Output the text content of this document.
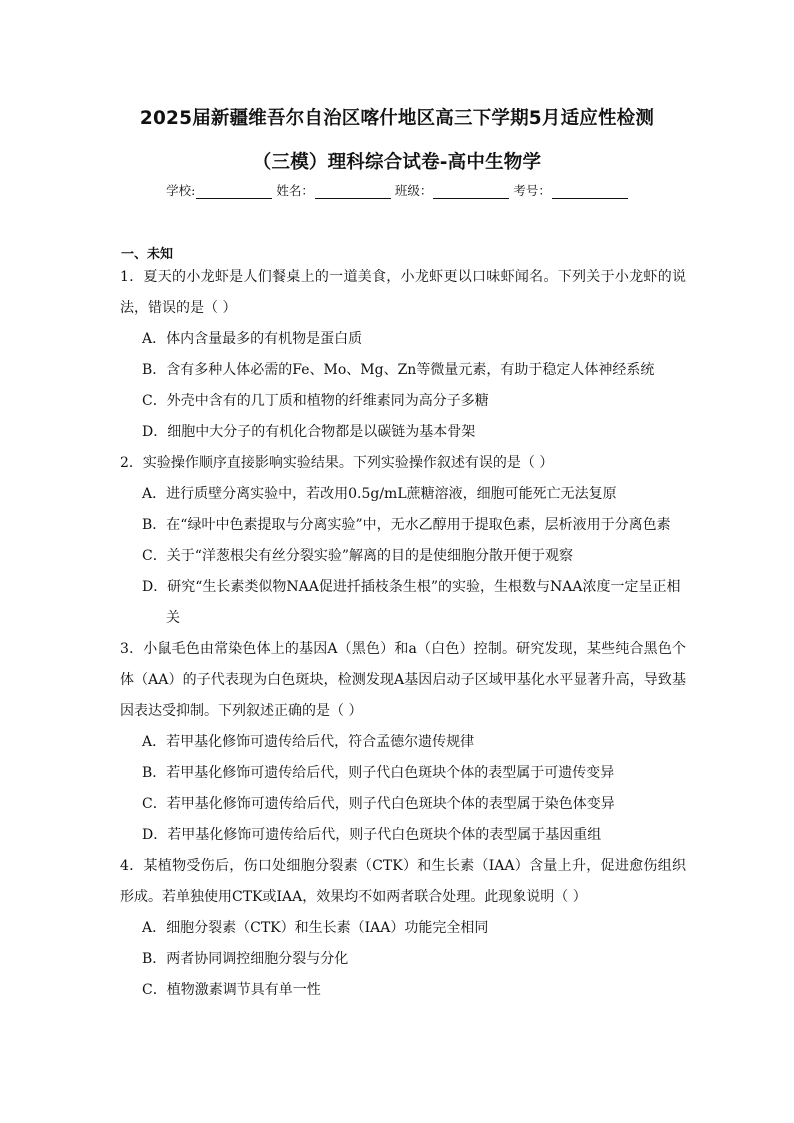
2025届新疆维吾尔自治区喀什地区高三下学期5月适应性检测
（三模）理科综合试卷-高中生物学
学校:	姓名：	班级：	考号：
一、未知

1．夏天的小龙虾是人们餐桌上的一道美食，小龙虾更以口味虾闻名。下列关于小龙虾的说法，错误的是（ ）

A．体内含量最多的有机物是蛋白质

B．含有多种人体必需的Fe、Mo、Mg、Zn等微量元素，有助于稳定人体神经系统

C．外壳中含有的几丁质和植物的纤维素同为高分子多糖

D．细胞中大分子的有机化合物都是以碳链为基本骨架

2．实验操作顺序直接影响实验结果。下列实验操作叙述有误的是（ ）

A．进行质壁分离实验中，若改用0.5g/mL蔗糖溶液，细胞可能死亡无法复原

B．在“绿叶中色素提取与分离实验”中，无水乙醇用于提取色素，层析液用于分离色素

C．关于“洋葱根尖有丝分裂实验”解离的目的是使细胞分散开便于观察

D．研究“生长素类似物NAA促进扦插枝条生根”的实验，生根数与NAA浓度一定呈正相关

3．小鼠毛色由常染色体上的基因A（黑色）和a（白色）控制。研究发现，某些纯合黑色个体（AA）的子代表现为白色斑块，检测发现A基因启动子区域甲基化水平显著升高，导致基因表达受抑制。下列叙述正确的是（ ）

A．若甲基化修饰可遗传给后代，符合孟德尔遗传规律

B．若甲基化修饰可遗传给后代，则子代白色斑块个体的表型属于可遗传变异

C．若甲基化修饰可遗传给后代，则子代白色斑块个体的表型属于染色体变异

D．若甲基化修饰可遗传给后代，则子代白色斑块个体的表型属于基因重组

4．某植物受伤后，伤口处细胞分裂素（CTK）和生长素（IAA）含量上升，促进愈伤组织形成。若单独使用CTK或IAA，效果均不如两者联合处理。此现象说明（ ）

A．细胞分裂素（CTK）和生长素（IAA）功能完全相同

B．两者协同调控细胞分裂与分化

C．植物激素调节具有单一性
